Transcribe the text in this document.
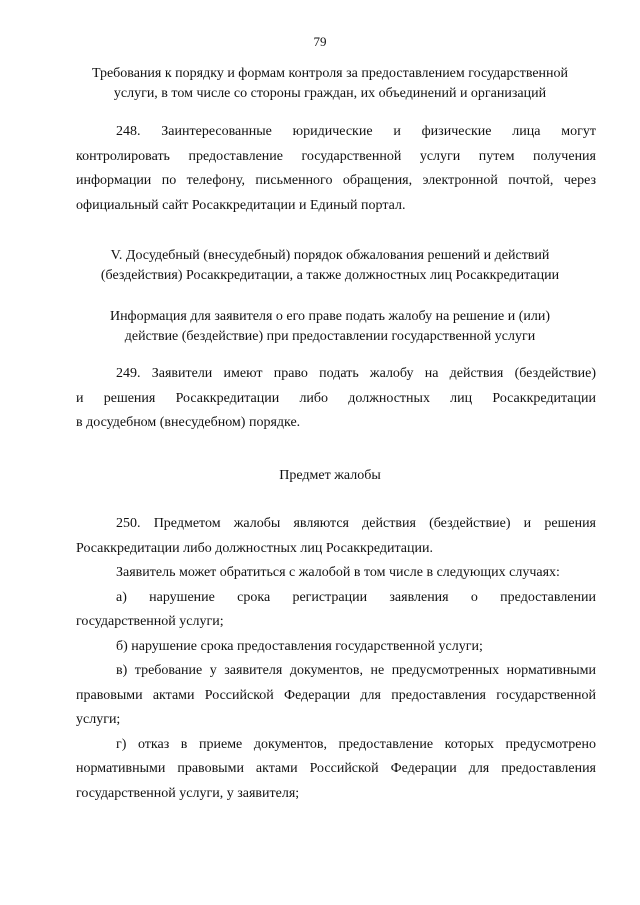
79
Требования к порядку и формам контроля за предоставлением государственной
услуги, в том числе со стороны граждан, их объединений и организаций
248. Заинтересованные юридические и физические лица могут
контролировать предоставление государственной услуги путем получения
информации по телефону, письменного обращения, электронной почтой, через
официальный сайт Росаккредитации и Единый портал.
V. Досудебный (внесудебный) порядок обжалования решений и действий
(бездействия) Росаккредитации, а также должностных лиц Росаккредитации
Информация для заявителя о его праве подать жалобу на решение и (или)
действие (бездействие) при предоставлении государственной услуги
249. Заявители имеют право подать жалобу на действия (бездействие)
и решения Росаккредитации либо должностных лиц Росаккредитации
в досудебном (внесудебном) порядке.
Предмет жалобы
250. Предметом жалобы являются действия (бездействие) и решения
Росаккредитации либо должностных лиц Росаккредитации.
Заявитель может обратиться с жалобой в том числе в следующих случаях:
а) нарушение срока регистрации заявления о предоставлении
государственной услуги;
б) нарушение срока предоставления государственной услуги;
в) требование у заявителя документов, не предусмотренных нормативными
правовыми актами Российской Федерации для предоставления государственной
услуги;
г) отказ в приеме документов, предоставление которых предусмотрено
нормативными правовыми актами Российской Федерации для предоставления
государственной услуги, у заявителя;
